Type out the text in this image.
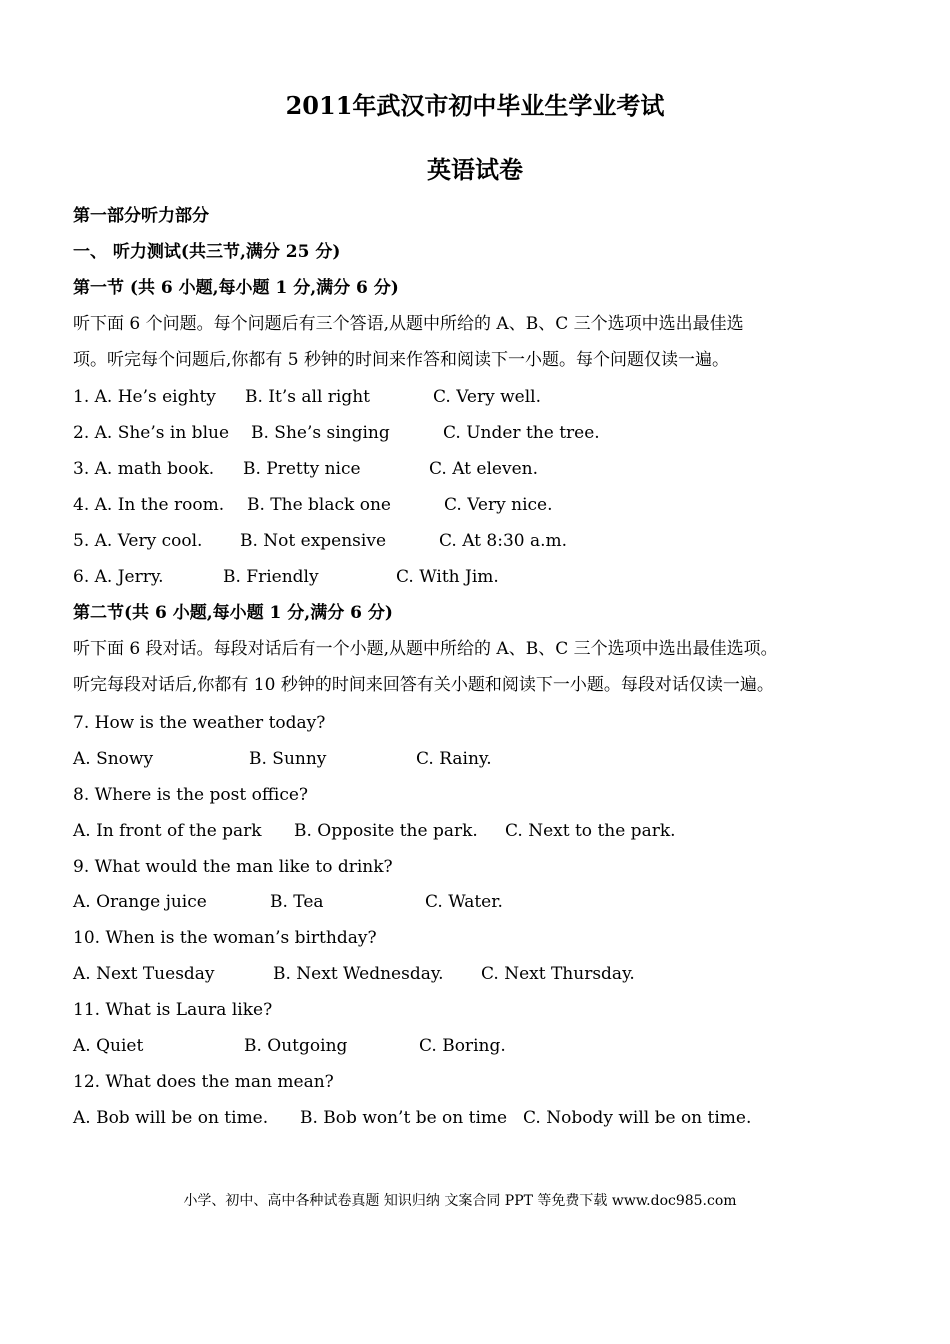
2011年武汉市初中毕业生学业考试
英语试卷
第一部分听力部分
一、 听力测试(共三节,满分 25 分)
第一节 (共 6 小题,每小题 1 分,满分 6 分)
听下面 6 个问题。每个问题后有三个答语,从题中所给的 A、B、C 三个选项中选出最佳选
项。听完每个问题后,你都有 5 秒钟的时间来作答和阅读下一小题。每个问题仅读一遍。
1. A. He’s eighty B. It’s all right	C. Very well.
2. A. She’s in blue B. She’s singing	C. Under the tree.
3. A. math book. B. Pretty nice	C. At eleven.
4. A. In the room. B. The black one	C. Very nice.
5. A. Very cool. B. Not expensive	C. At 8:30 a.m.
6. A. Jerry.	B. Friendly	C. With Jim.
第二节(共 6 小题,每小题 1 分,满分 6 分)
听下面 6 段对话。每段对话后有一个小题,从题中所给的 A、B、C 三个选项中选出最佳选项。
听完每段对话后,你都有 10 秒钟的时间来回答有关小题和阅读下一小题。每段对话仅读一遍。
7. How is the weather today?
A. Snowy	B. Sunny	C. Rainy.
8. Where is the post office?
A. In front of the park B. Opposite the park. C. Next to the park.
9. What would the man like to drink?
A. Orange juice	B. Tea	C. Water.
10. When is the woman’s birthday?
A. Next Tuesday	B. Next Wednesday. C. Next Thursday.
11. What is Laura like?
A. Quiet	B. Outgoing	C. Boring.
12. What does the man mean?
A. Bob will be on time. B. Bob won’t be on time C. Nobody will be on time.
小学、初中、高中各种试卷真题 知识归纳 文案合同 PPT 等免费下载 www.doc985.com
